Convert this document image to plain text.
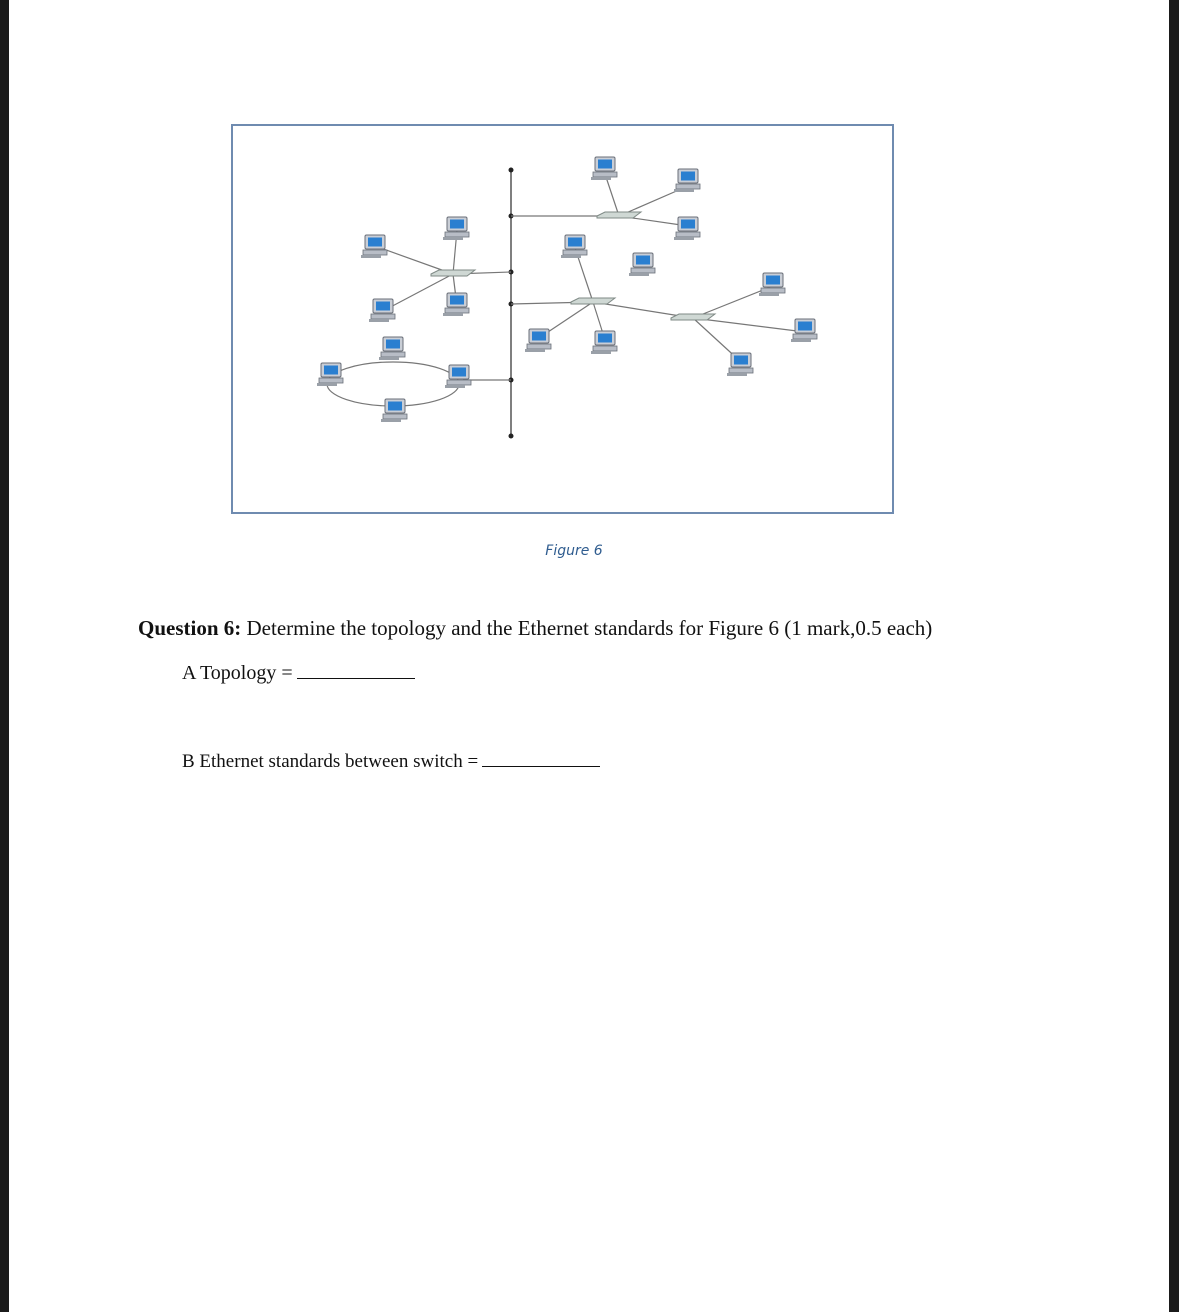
Figure 6
Question 6: Determine the topology and the Ethernet standards for Figure 6 (1 mark,0.5 each)
A Topology =
B Ethernet standards between switch =
